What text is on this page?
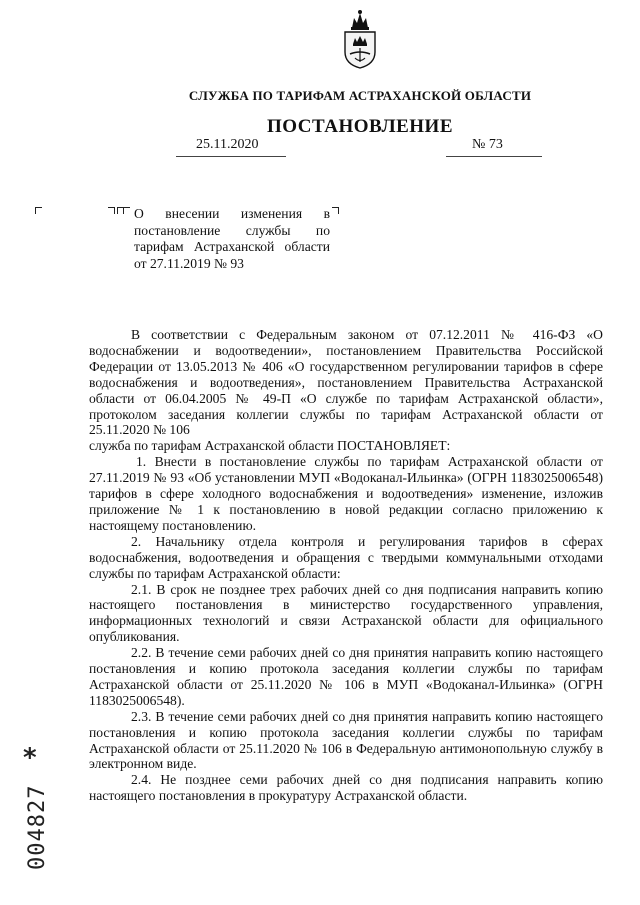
СЛУЖБА ПО ТАРИФАМ АСТРАХАНСКОЙ ОБЛАСТИ
ПОСТАНОВЛЕНИЕ
25.11.2020	№ 73
О внесении изменения в постановление службы по тарифам Астраханской области от 27.11.2019 № 93

В соответствии с Федеральным законом от 07.12.2011 № 416-ФЗ «О водоснабжении и водоотведении», постановлением Правительства Российской Федерации от 13.05.2013 № 406 «О государственном регулировании тарифов в сфере водоснабжения и водоотведения», постановлением Правительства Астраханской области от 06.04.2005 № 49-П «О службе по тарифам Астраханской области», протоколом заседания коллегии службы по тарифам Астраханской области от 25.11.2020 № 106

служба по тарифам Астраханской области ПОСТАНОВЛЯЕТ:

1. Внести в постановление службы по тарифам Астраханской области от 27.11.2019 № 93 «Об установлении МУП «Водоканал-Ильинка» (ОГРН 1183025006548) тарифов в сфере холодного водоснабжения и водоотведения» изменение, изложив приложение № 1 к постановлению в новой редакции согласно приложению к настоящему постановлению.

2. Начальнику отдела контроля и регулирования тарифов в сферах водоснабжения, водоотведения и обращения с твердыми коммунальными отходами службы по тарифам Астраханской области:

2.1. В срок не позднее трех рабочих дней со дня подписания направить копию настоящего постановления в министерство государственного управления, информационных технологий и связи Астраханской области для официального опубликования.

2.2. В течение семи рабочих дней со дня принятия направить копию настоящего постановления и копию протокола заседания коллегии службы по тарифам Астраханской области от 25.11.2020 № 106 в МУП «Водоканал-Ильинка» (ОГРН 1183025006548).

2.3. В течение семи рабочих дней со дня принятия направить копию настоящего постановления и копию протокола заседания коллегии службы по тарифам Астраханской области от 25.11.2020 № 106 в Федеральную антимонопольную службу в электронном виде.

2.4. Не позднее семи рабочих дней со дня подписания направить копию настоящего постановления в прокуратуру Астраханской области.

*
004827
